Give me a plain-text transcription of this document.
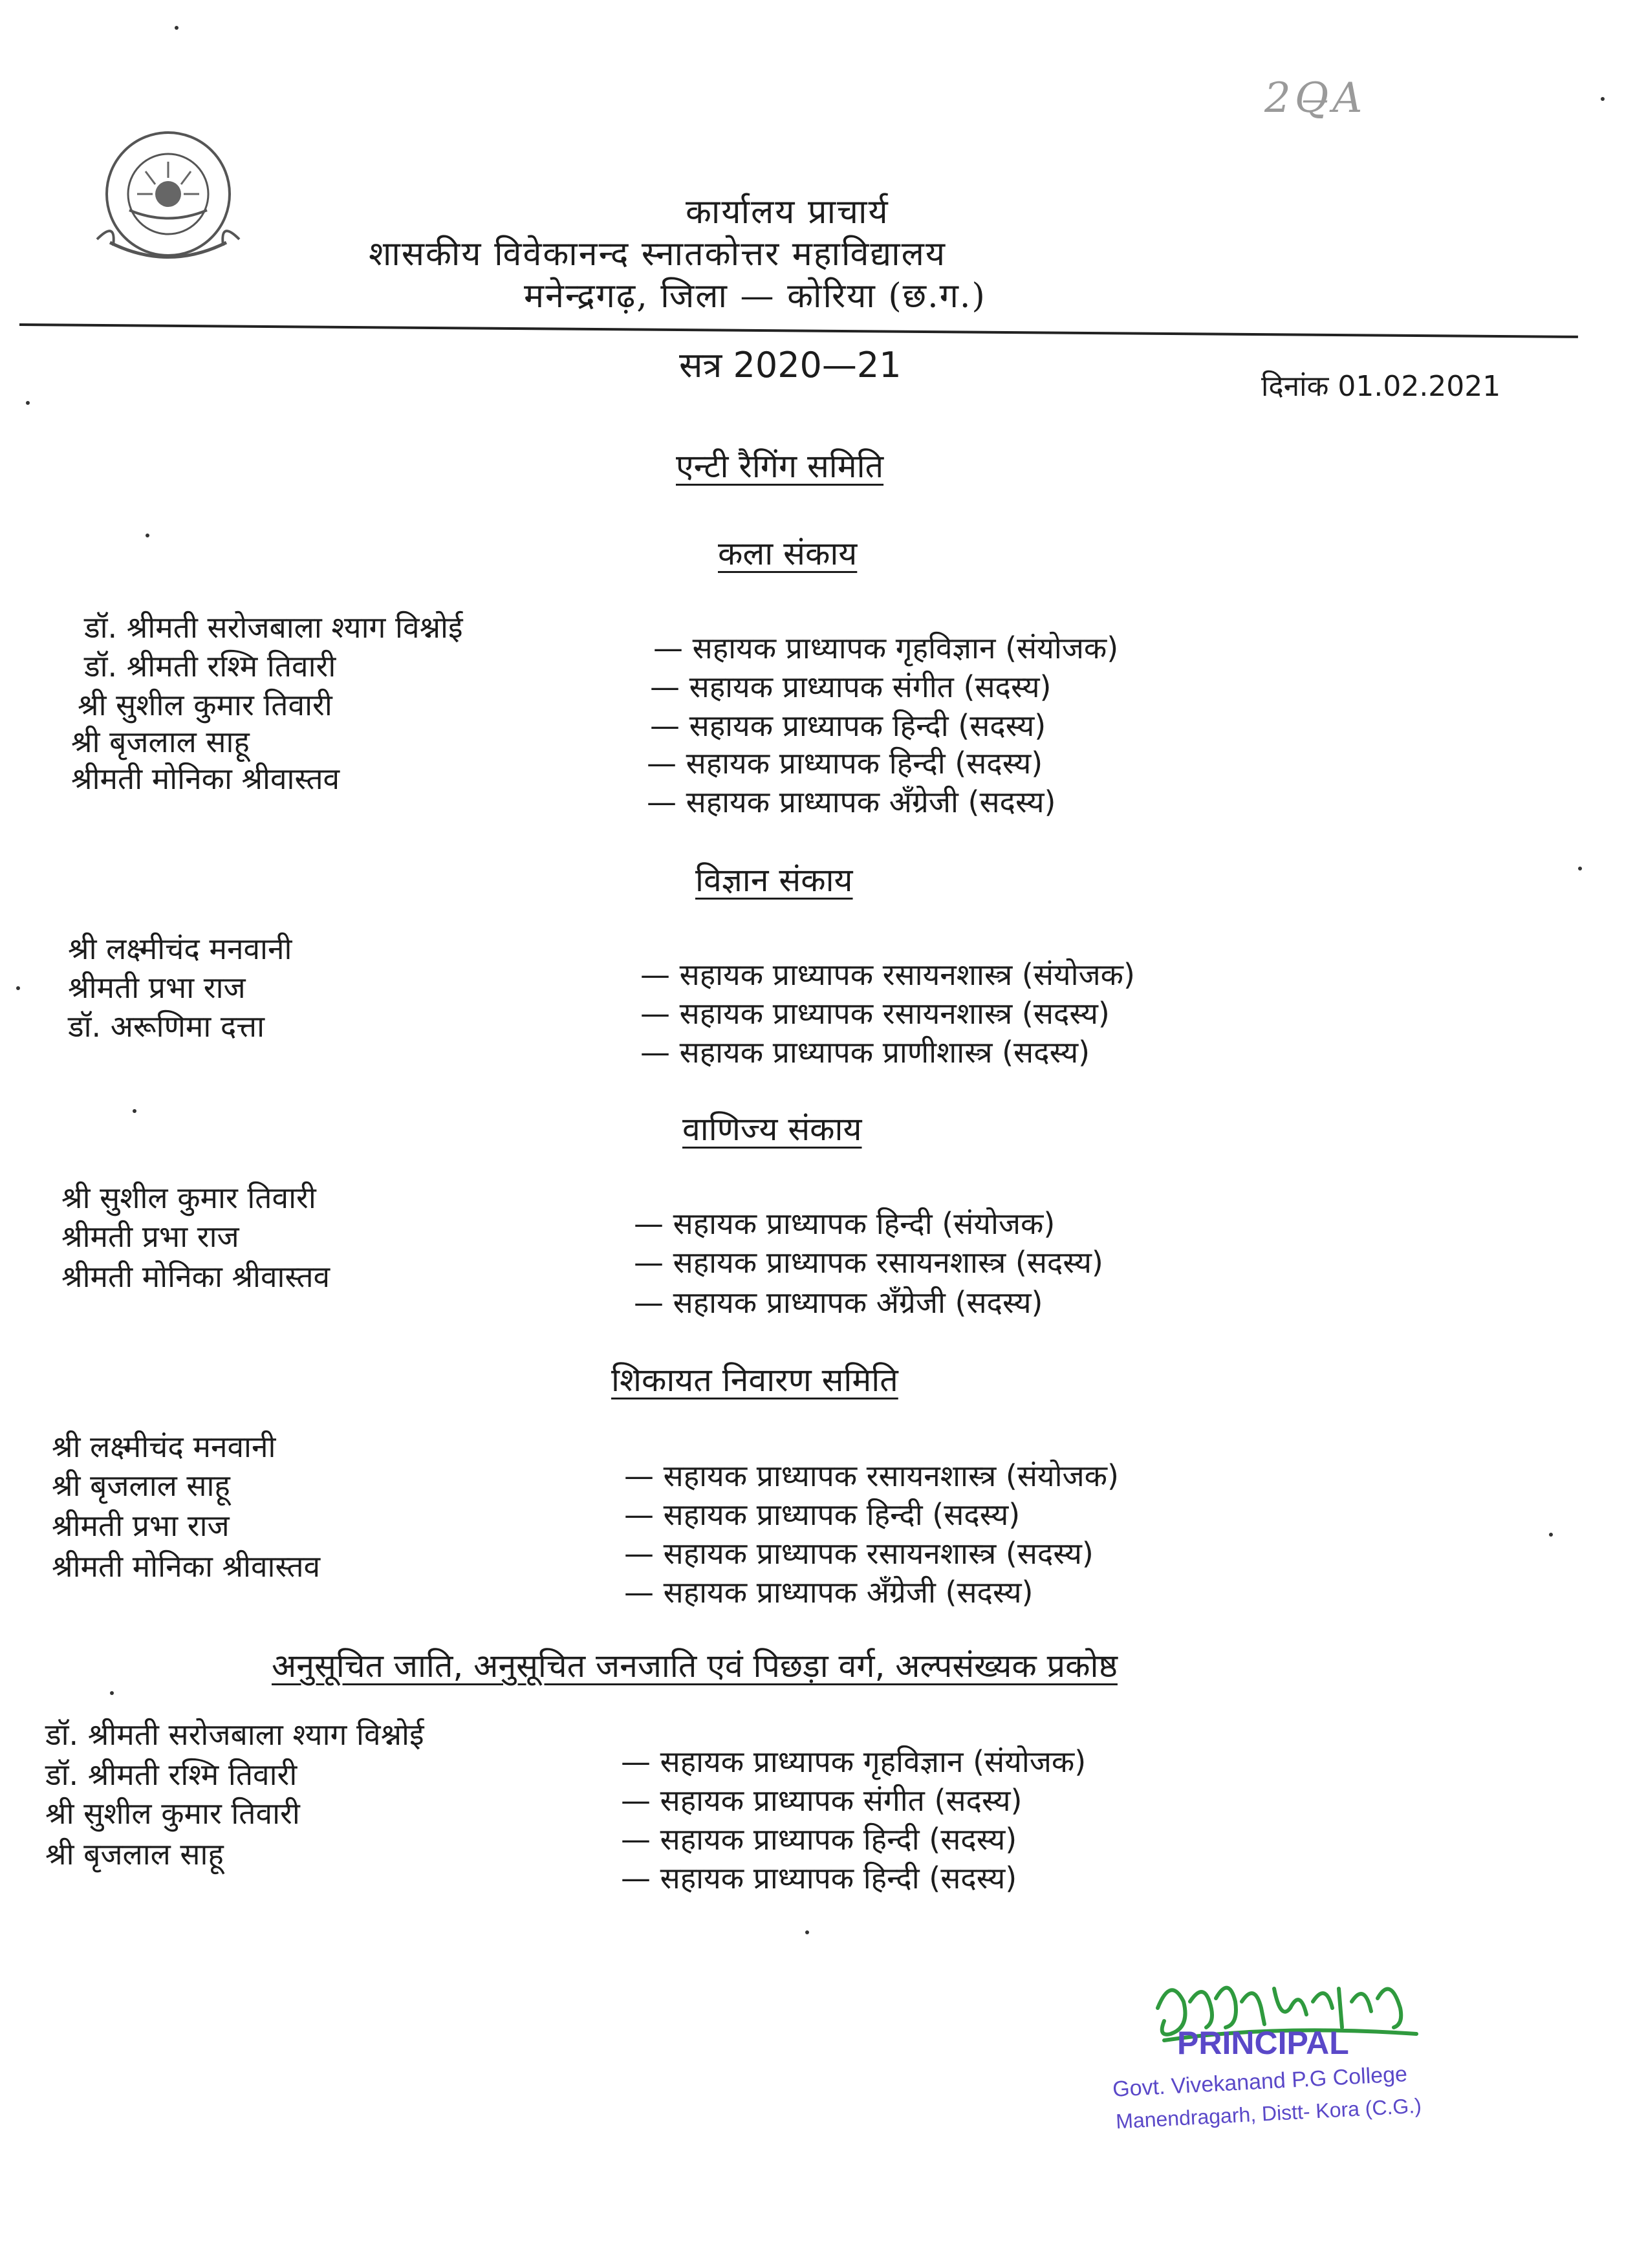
2Q̶A
कार्यालय प्राचार्य
शासकीय विवेकानन्द स्नातकोत्तर महाविद्यालय
मनेन्द्रगढ़, जिला — कोरिया (छ.ग.)
सत्र 2020—21
दिनांक 01.02.2021
एन्टी रैगिंग समिति
कला संकाय
डॉ. श्रीमती सरोजबाला श्याग विश्नोई
— सहायक प्राध्यापक गृहविज्ञान (संयोजक)
डॉ. श्रीमती रश्मि तिवारी
— सहायक प्राध्यापक संगीत (सदस्य)
श्री सुशील कुमार तिवारी
— सहायक प्राध्यापक हिन्दी (सदस्य)
श्री बृजलाल साहू
— सहायक प्राध्यापक हिन्दी (सदस्य)
श्रीमती मोनिका श्रीवास्तव
— सहायक प्राध्यापक अँग्रेजी (सदस्य)
विज्ञान संकाय
श्री लक्ष्मीचंद मनवानी
— सहायक प्राध्यापक रसायनशास्त्र (संयोजक)
श्रीमती प्रभा राज
— सहायक प्राध्यापक रसायनशास्त्र (सदस्य)
डॉ. अरूणिमा दत्ता
— सहायक प्राध्यापक प्राणीशास्त्र (सदस्य)
वाणिज्य संकाय
श्री सुशील कुमार तिवारी
— सहायक प्राध्यापक हिन्दी (संयोजक)
श्रीमती प्रभा राज
— सहायक प्राध्यापक रसायनशास्त्र (सदस्य)
श्रीमती मोनिका श्रीवास्तव
— सहायक प्राध्यापक अँग्रेजी (सदस्य)
शिकायत निवारण समिति
श्री लक्ष्मीचंद मनवानी
— सहायक प्राध्यापक रसायनशास्त्र (संयोजक)
श्री बृजलाल साहू
— सहायक प्राध्यापक हिन्दी (सदस्य)
श्रीमती प्रभा राज
— सहायक प्राध्यापक रसायनशास्त्र (सदस्य)
श्रीमती मोनिका श्रीवास्तव
— सहायक प्राध्यापक अँग्रेजी (सदस्य)
अनुसूचित जाति, अनुसूचित जनजाति एवं पिछड़ा वर्ग, अल्पसंख्यक प्रकोष्ठ
डॉ. श्रीमती सरोजबाला श्याग विश्नोई
— सहायक प्राध्यापक गृहविज्ञान (संयोजक)
डॉ. श्रीमती रश्मि तिवारी
— सहायक प्राध्यापक संगीत (सदस्य)
श्री सुशील कुमार तिवारी
— सहायक प्राध्यापक हिन्दी (सदस्य)
श्री बृजलाल साहू
— सहायक प्राध्यापक हिन्दी (सदस्य)
PRINCIPAL
Govt. Vivekanand P.G College
Manendragarh, Distt- Kora (C.G.)
